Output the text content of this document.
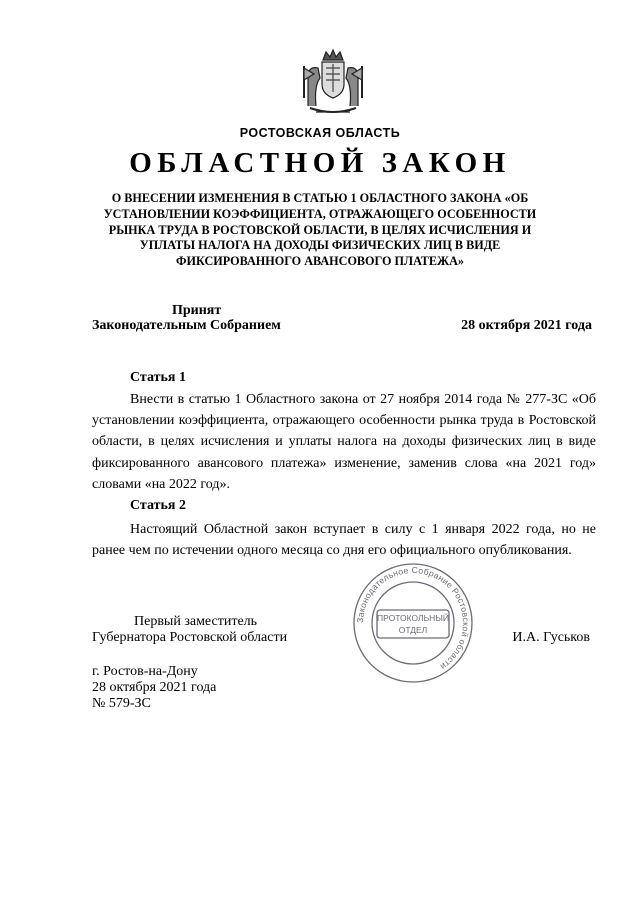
РОСТОВСКАЯ ОБЛАСТЬ
ОБЛАСТНОЙ ЗАКОН
О ВНЕСЕНИИ ИЗМЕНЕНИЯ В СТАТЬЮ 1 ОБЛАСТНОГО ЗАКОНА «ОБ УСТАНОВЛЕНИИ КОЭФФИЦИЕНТА, ОТРАЖАЮЩЕГО ОСОБЕННОСТИ РЫНКА ТРУДА В РОСТОВСКОЙ ОБЛАСТИ, В ЦЕЛЯХ ИСЧИСЛЕНИЯ И УПЛАТЫ НАЛОГА НА ДОХОДЫ ФИЗИЧЕСКИХ ЛИЦ В ВИДЕ ФИКСИРОВАННОГО АВАНСОВОГО ПЛАТЕЖА»
Принят
Законодательным Собранием	28 октября 2021 года
Статья 1

Внести в статью 1 Областного закона от 27 ноября 2014 года № 277-ЗС «Об установлении коэффициента, отражающего особенности рынка труда в Ростовской области, в целях исчисления и уплаты налога на доходы физических лиц в виде фиксированного авансового платежа» изменение, заменив слова «на 2021 год» словами «на 2022 год».

Статья 2

Настоящий Областной закон вступает в силу с 1 января 2022 года, но не ранее чем по истечении одного месяца со дня его официального опубликования.

Законодательное Собрание Ростовской области
ПРОТОКОЛЬНЫЙ
ОТДЕЛ
Первый заместитель
Губернатора Ростовской области	И.А. Гуськов
г. Ростов-на-Дону
28 октября 2021 года
№ 579-ЗС
